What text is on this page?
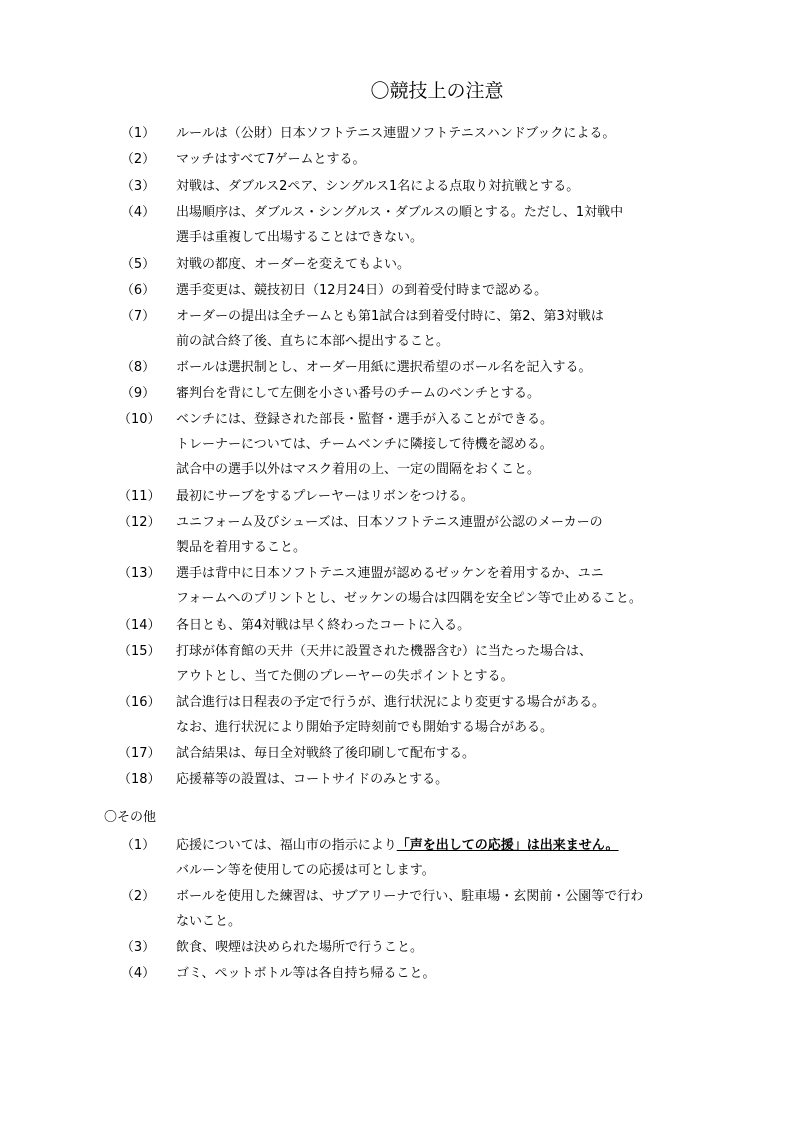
〇競技上の注意
（1） ルールは（公財）日本ソフトテニス連盟ソフトテニスハンドブックによる。
（2） マッチはすべて7ゲームとする。
（3） 対戦は、ダブルス2ペア、シングルス1名による点取り対抗戦とする。
（4） 出場順序は、ダブルス・シングルス・ダブルスの順とする。ただし、1対戦中
選手は重複して出場することはできない。
（5） 対戦の都度、オーダーを変えてもよい。
（6） 選手変更は、競技初日（12月24日）の到着受付時まで認める。
（7） オーダーの提出は全チームとも第1試合は到着受付時に、第2、第3対戦は
前の試合終了後、直ちに本部へ提出すること。
（8） ボールは選択制とし、オーダー用紙に選択希望のボール名を記入する。
（9） 審判台を背にして左側を小さい番号のチームのベンチとする。
（10） ベンチには、登録された部長・監督・選手が入ることができる。
トレーナーについては、チームベンチに隣接して待機を認める。
試合中の選手以外はマスク着用の上、一定の間隔をおくこと。
（11） 最初にサーブをするプレーヤーはリボンをつける。
（12） ユニフォーム及びシューズは、日本ソフトテニス連盟が公認のメーカーの
製品を着用すること。
（13） 選手は背中に日本ソフトテニス連盟が認めるゼッケンを着用するか、ユニ
フォームへのプリントとし、ゼッケンの場合は四隅を安全ピン等で止めること。
（14） 各日とも、第4対戦は早く終わったコートに入る。
（15） 打球が体育館の天井（天井に設置された機器含む）に当たった場合は、
アウトとし、当てた側のプレーヤーの失ポイントとする。
（16） 試合進行は日程表の予定で行うが、進行状況により変更する場合がある。
なお、進行状況により開始予定時刻前でも開始する場合がある。
（17） 試合結果は、毎日全対戦終了後印刷して配布する。
（18） 応援幕等の設置は、コートサイドのみとする。
〇その他
（1） 応援については、福山市の指示により「声を出しての応援」は出来ません。
バルーン等を使用しての応援は可とします。
（2） ボールを使用した練習は、サブアリーナで行い、駐車場・玄関前・公園等で行わ
ないこと。
（3） 飲食、喫煙は決められた場所で行うこと。
（4） ゴミ、ペットボトル等は各自持ち帰ること。
